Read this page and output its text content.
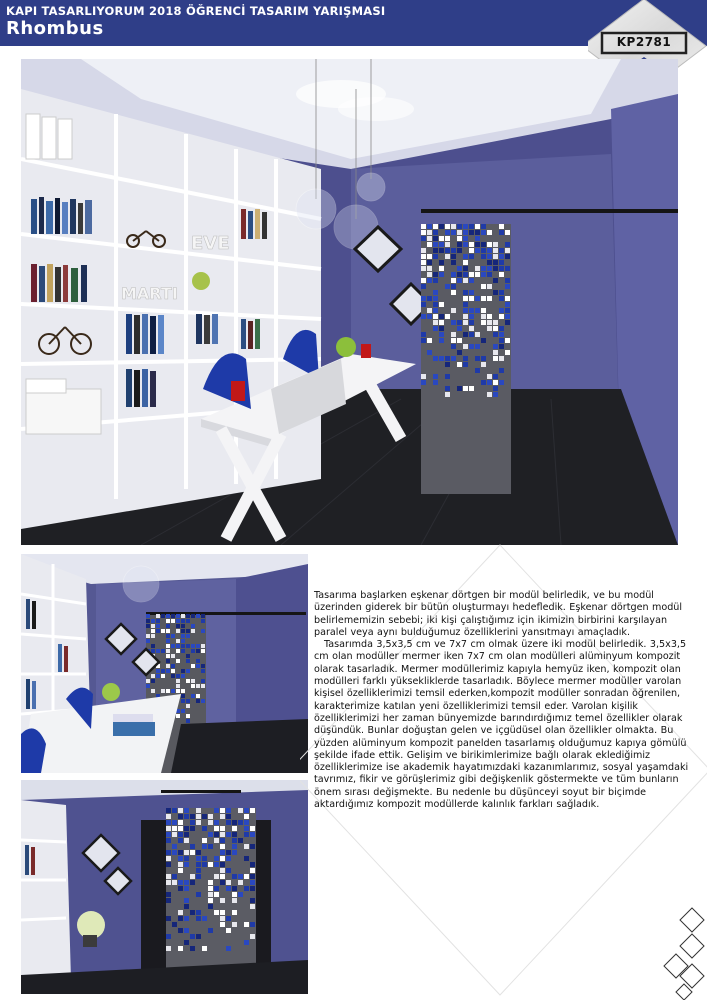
KAPI TASARLIYORUM 2018 ÖĞRENCİ TASARIM YARIŞMASI
Rhombus
KP2781
EVE
MARTI

Tasarıma başlarken eşkenar dörtgen bir modül belirledik, ve bu modül üzerinden giderek bir bütün oluşturmayı hedefledik. Eşkenar dörtgen modül belirlememizin sebebi; iki kişi çalıştığımız için ikimizin birbirini karşılayan paralel veya aynı bulduğumuz özelliklerini yansıtmayı amaçladık.

Tasarımda 3,5x3,5 cm ve 7x7 cm olmak üzere iki modül belirledik. 3,5x3,5 cm olan modüller mermer iken 7x7 cm olan modülleri alüminyum kompozit olarak tasarladık. Mermer modüllerimiz kapıyla hemyüz iken, kompozit olan modülleri farklı yüksekliklerde tasarladık. Böylece mermer modüller varolan kişisel özelliklerimizi temsil ederken,kompozit modüller sonradan öğrenilen, karakterimize katılan yeni özelliklerimizi temsil eder. Varolan kişilik özelliklerimizi her zaman bünyemizde barındırdığımız temel özellikler olarak düşündük. Bunlar doğuştan gelen ve içgüdüsel olan özellikler olmakta. Bu yüzden alüminyum kompozit panelden tasarlamış olduğumuz kapıya gömülü şekilde ifade ettik. Gelişim ve birikimlerimize bağlı olarak eklediğimiz özelliklerimize ise akademik hayatımızdaki kazanımlarımız, sosyal yaşamdaki tavrımız, fikir ve görüşlerimiz gibi değişkenlik göstermekte ve tüm bunların önem sırası değişmekte. Bu nedenle bu düşünceyi soyut bir biçimde aktardığımız kompozit modüllerde kalınlık farkları sağladık.
